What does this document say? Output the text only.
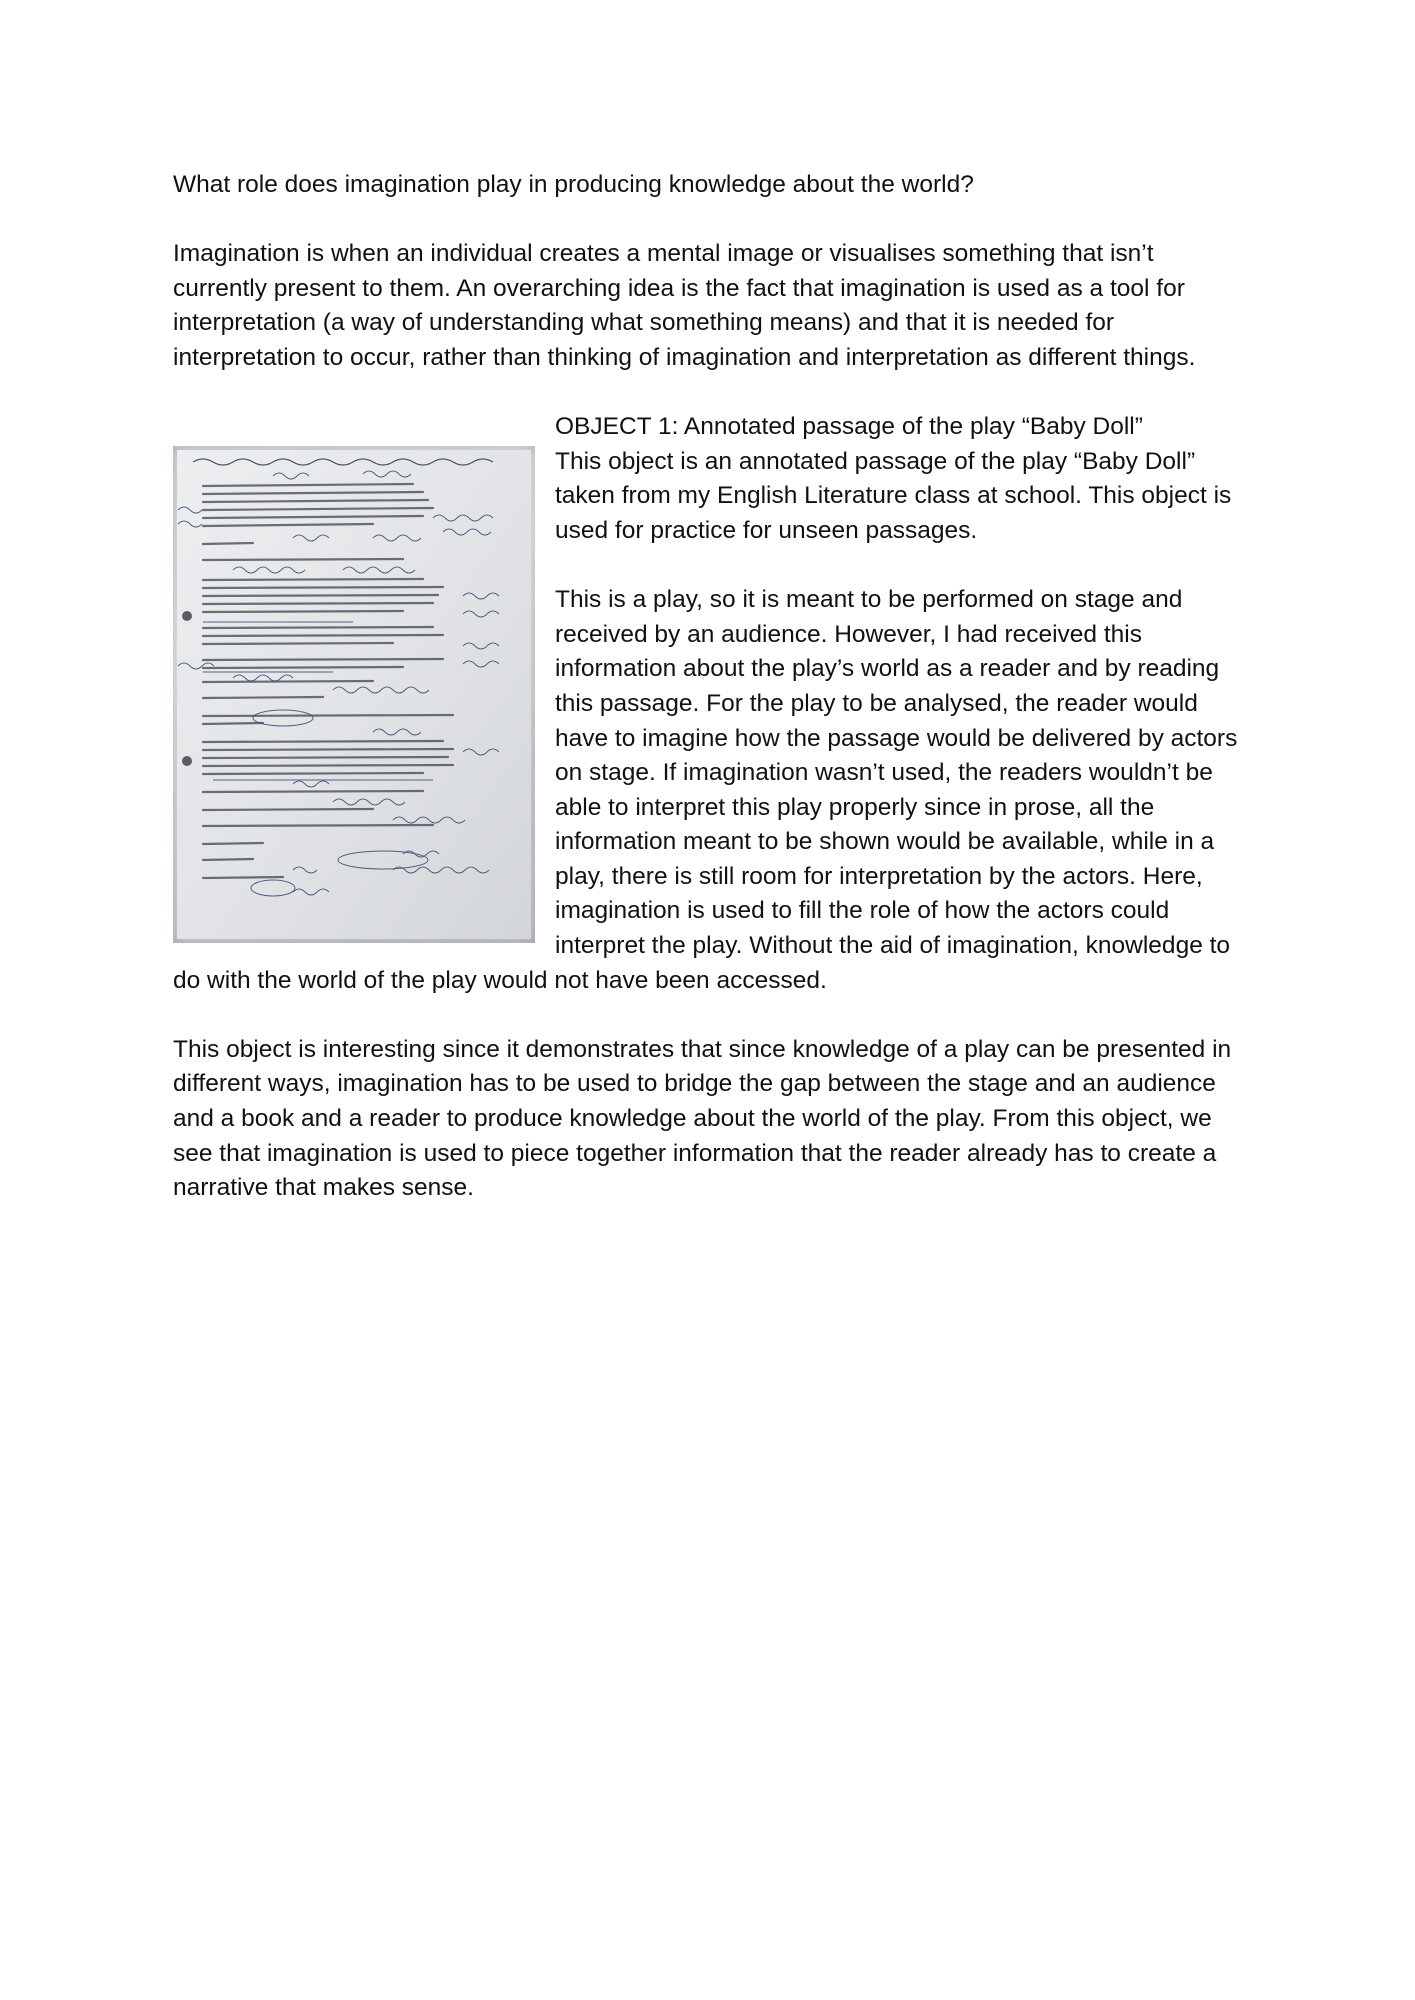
What role does imagination play in producing knowledge about the world?

Imagination is when an individual creates a mental image or visualises something that isn’t currently present to them. An overarching idea is the fact that imagination is used as a tool for interpretation (a way of understanding what something means) and that it is needed for interpretation to occur, rather than thinking of imagination and interpretation as different things.

OBJECT 1: Annotated passage of the play “Baby Doll”

This object is an annotated passage of the play “Baby Doll” taken from my English Literature class at school. This object is used for practice for unseen passages.

This is a play, so it is meant to be performed on stage and received by an audience. However, I had received this information about the play’s world as a reader and by reading this passage. For the play to be analysed, the reader would have to imagine how the passage would be delivered by actors on stage. If imagination wasn’t used, the readers wouldn’t be able to interpret this play properly since in prose, all the information meant to be shown would be available, while in a play, there is still room for interpretation by the actors. Here, imagination is used to fill the role of how the actors could interpret the play. Without the aid of imagination, knowledge to do with the world of the play would not have been accessed.

This object is interesting since it demonstrates that since knowledge of a play can be presented in different ways, imagination has to be used to bridge the gap between the stage and an audience and a book and a reader to produce knowledge about the world of the play. From this object, we see that imagination is used to piece together information that the reader already has to create a narrative that makes sense.
